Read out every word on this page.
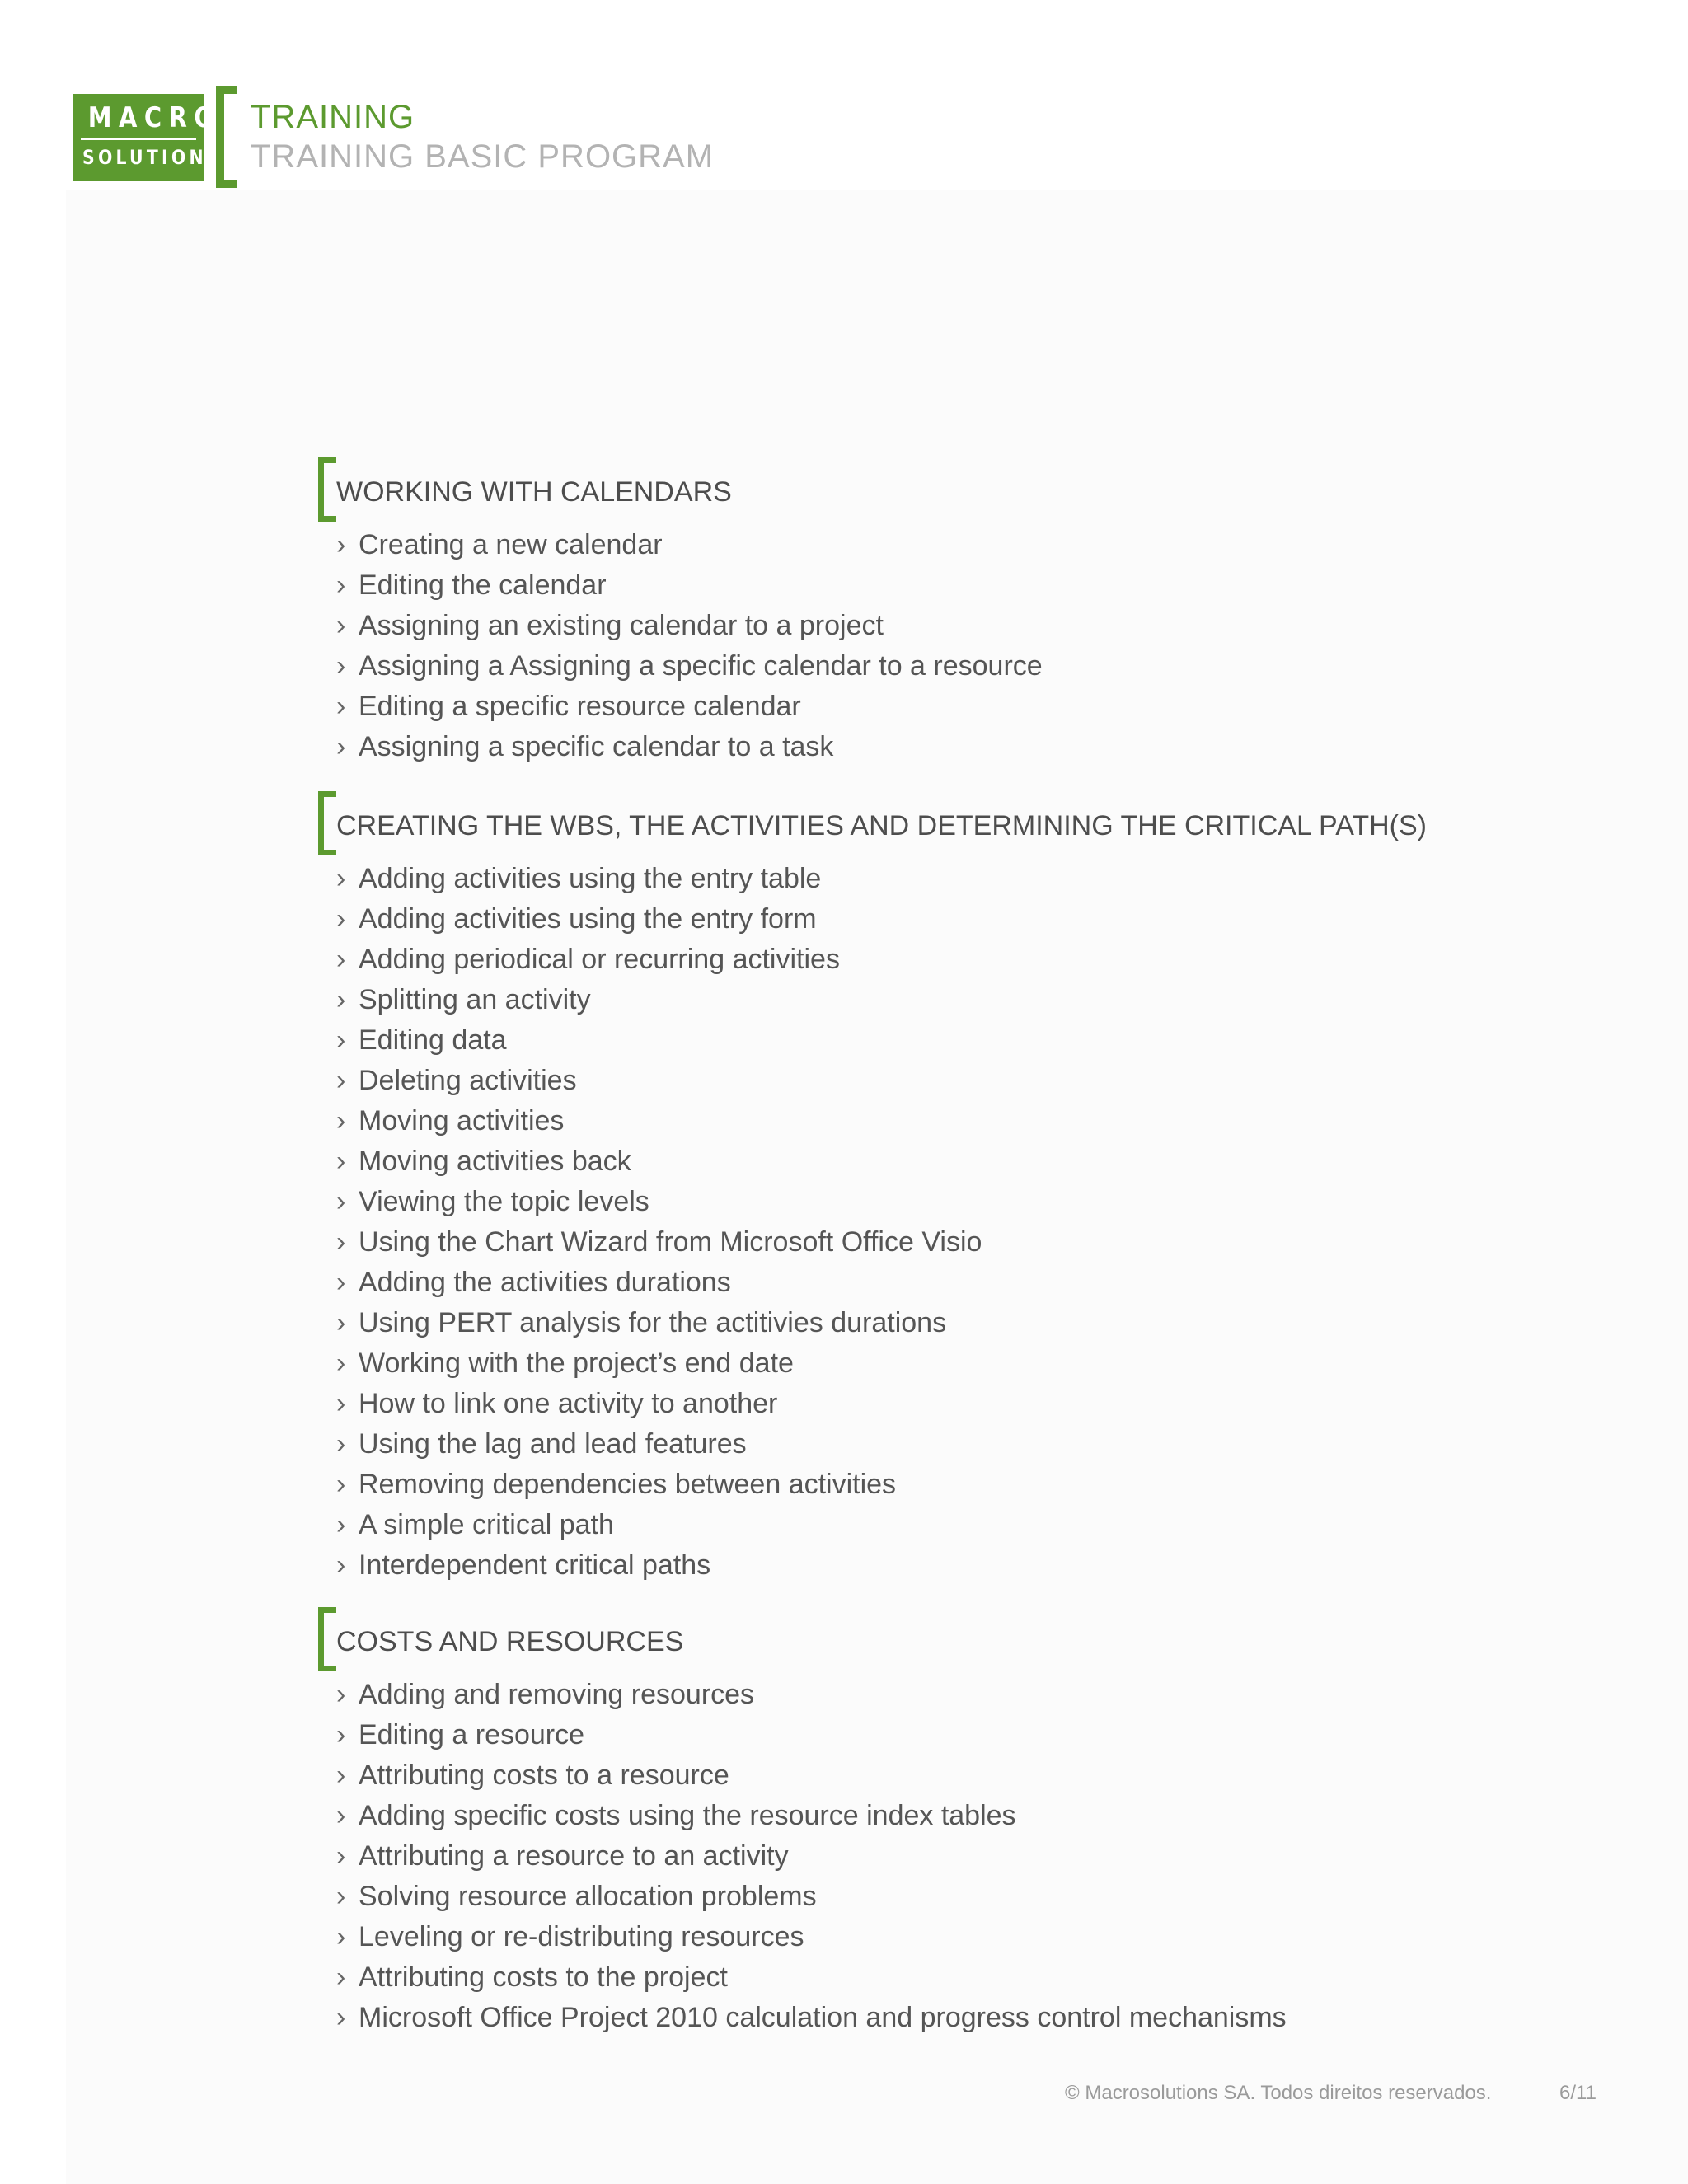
MACRO
SOLUTIONS
TRAINING
TRAINING BASIC PROGRAM
WORKING WITH CALENDARS
› Creating a new calendar
› Editing the calendar
› Assigning an existing calendar to a project
› Assigning a Assigning a specific calendar to a resource
› Editing a specific resource calendar
› Assigning a specific calendar to a task
CREATING THE WBS, THE ACTIVITIES AND DETERMINING THE CRITICAL PATH(S)
› Adding activities using the entry table
› Adding activities using the entry form
› Adding periodical or recurring activities
› Splitting an activity
› Editing data
› Deleting activities
› Moving activities
› Moving activities back
› Viewing the topic levels
› Using the Chart Wizard from Microsoft Office Visio
› Adding the activities durations
› Using PERT analysis for the actitivies durations
› Working with the project’s end date
› How to link one activity to another
› Using the lag and lead features
› Removing dependencies between activities
› A simple critical path
› Interdependent critical paths
COSTS AND RESOURCES
› Adding and removing resources
› Editing a resource
› Attributing costs to a resource
› Adding specific costs using the resource index tables
› Attributing a resource to an activity
› Solving resource allocation problems
› Leveling or re-distributing resources
› Attributing costs to the project
› Microsoft Office Project 2010 calculation and progress control mechanisms
© Macrosolutions SA. Todos direitos reservados.	6/11
